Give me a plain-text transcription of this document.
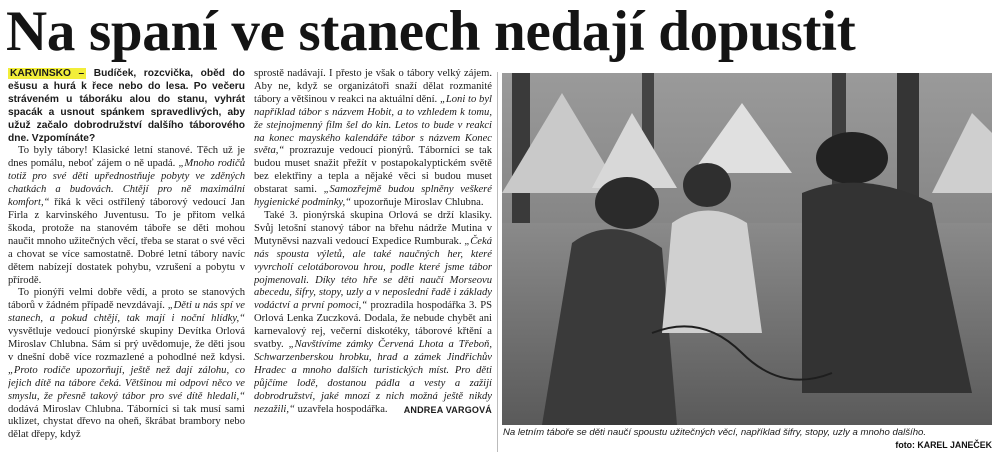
Na spaní ve stanech nedají dopustit

KARVINSKO – Budíček, rozcvička, oběd do ešusu a hurá k řece nebo do lesa. Po večeru stráveném u táboráku alou do stanu, vyhrát spacák a usnout spánkem spravedlivých, aby užuž začalo dobrodružství dalšího táborového dne. Vzpomínáte?

To byly tábory! Klasické letní stanové. Těch už je dnes pomálu, neboť zájem o ně upadá. „Mnoho rodičů totiž pro své děti upřednostňuje pobyty ve zděných chatkách a budovách. Chtějí pro ně maximální komfort,“ říká k věci ostřílený táborový vedoucí Jan Firla z karvinského Juventusu. To je přitom velká škoda, protože na stanovém táboře se děti mohou naučit mnoho užitečných věcí, třeba se starat o své věci a chovat se více samostatně. Dobré letní tábory navíc dětem nabízejí dostatek pohybu, vzrušení a pobytu v přírodě.

To pionýři velmi dobře vědí, a proto se stanových táborů v žádném případě nevzdávají. „Děti u nás spí ve stanech, a pokud chtějí, tak mají i noční hlídky,“ vysvětluje vedoucí pionýrské skupiny Devítka Orlová Miroslav Chlubna. Sám si prý uvědomuje, že děti jsou v dnešní době více rozmazlené a pohodlné než kdysi. „Proto rodiče upozorňují, ještě než dají zálohu, co jejich dítě na tábore čeká. Většinou mi odpoví něco ve smyslu, že přesně takový tábor pro své dítě hledali,“ dodává Miroslav Chlubna. Táborníci si tak musí sami uklizet, chystat dřevo na oheň, škrábat brambory nebo dělat dřepy, když

sprostě nadávají. I přesto je však o tábory velký zájem. Aby ne, když se organizátoři snaží dělat rozmanité tábory a většinou v reakci na aktuální dění. „Loni to byl například tábor s názvem Hobit, a to vzhledem k tomu, že stejnojmenný film šel do kin. Letos to bude v reakci na konec mayského kalendáře tábor s názvem Konec světa,“ prozrazuje vedoucí pionýrů. Táborníci se tak budou muset snažit přežít v postapokalyptickém světě bez elektřiny a tepla a nějaké věci si budou muset obstarat sami. „Samozřejmě budou splněny veškeré hygienické podmínky,“ upozorňuje Miroslav Chlubna.

Také 3. pionýrská skupina Orlová se drží klasiky. Svůj letošní stanový tábor na břehu nádrže Mutina v Mutyněvsi nazvali vedoucí Expedice Rumburak. „Čeká nás spousta výletů, ale také naučných her, které vyvrcholí celotáborovou hrou, podle které jsme tábor pojmenovali. Díky této hře se děti naučí Morseovu abecedu, šifry, stopy, uzly a v neposlední řadě i základy vodáctví a první pomoci,“ prozradila hospodářka 3. PS Orlová Lenka Zuczková. Dodala, že nebude chybět ani karnevalový rej, večerní diskotéky, táborové křtění a svatby. „Navštívíme zámky Červená Lhota a Třeboň, Schwarzenberskou hrobku, hrad a zámek Jindřichův Hradec a mnoho dalších turistických míst. Pro děti půjčíme lodě, dostanou pádla a vesty a zažijí dobrodružství, jaké mnozí z nich možná ještě nikdy nezažili,“ uzavřela hospodářka.	ANDREA VARGOVÁ
Na letním táboře se děti naučí spoustu užitečných věcí, například šifry, stopy, uzly a mnoho dalšího.
foto: KAREL JANEČEK
